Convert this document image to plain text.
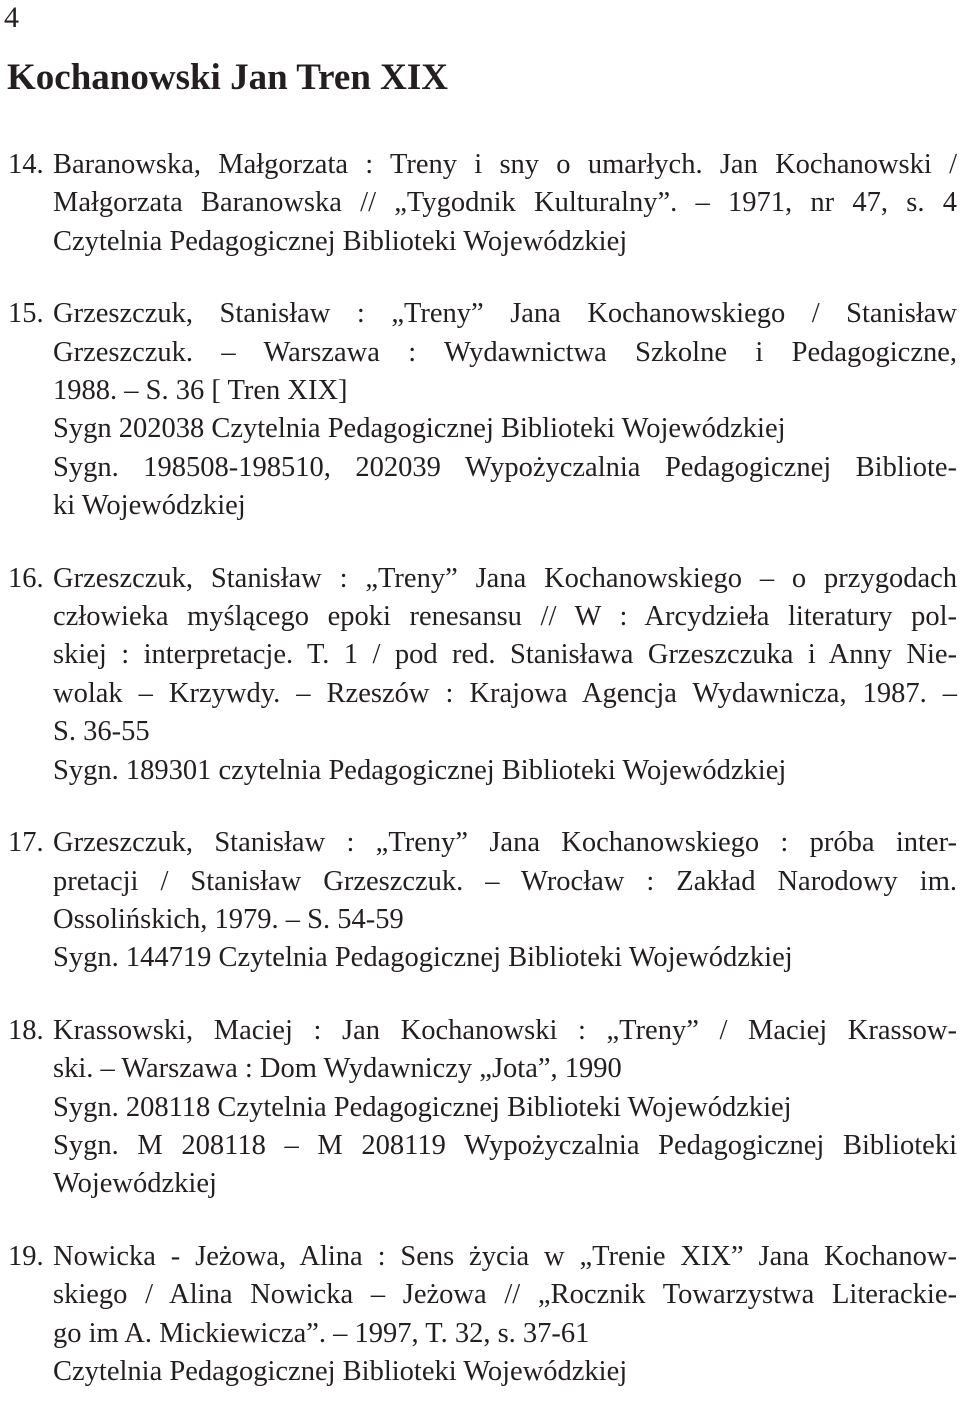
4
Kochanowski Jan Tren XIX
14. Baranowska, Małgorzata : Treny i sny o umarłych. Jan Kochanowski /
Małgorzata Baranowska // „Tygodnik Kulturalny”. – 1971, nr 47, s. 4
Czytelnia Pedagogicznej Biblioteki Wojewódzkiej
15. Grzeszczuk, Stanisław : „Treny” Jana Kochanowskiego / Stanisław
Grzeszczuk. – Warszawa : Wydawnictwa Szkolne i Pedagogiczne,
1988. – S. 36 [ Tren XIX]
Sygn 202038 Czytelnia Pedagogicznej Biblioteki Wojewódzkiej
Sygn. 198508-198510, 202039 Wypożyczalnia Pedagogicznej Bibliote-
ki Wojewódzkiej
16. Grzeszczuk, Stanisław : „Treny” Jana Kochanowskiego – o przygodach
człowieka myślącego epoki renesansu // W : Arcydzieła literatury pol-
skiej : interpretacje. T. 1 / pod red. Stanisława Grzeszczuka i Anny Nie-
wolak – Krzywdy. – Rzeszów : Krajowa Agencja Wydawnicza, 1987. –
S. 36-55
Sygn. 189301 czytelnia Pedagogicznej Biblioteki Wojewódzkiej
17. Grzeszczuk, Stanisław : „Treny” Jana Kochanowskiego : próba inter-
pretacji / Stanisław Grzeszczuk. – Wrocław : Zakład Narodowy im.
Ossolińskich, 1979. – S. 54-59
Sygn. 144719 Czytelnia Pedagogicznej Biblioteki Wojewódzkiej
18. Krassowski, Maciej : Jan Kochanowski : „Treny” / Maciej Krassow-
ski. – Warszawa : Dom Wydawniczy „Jota”, 1990
Sygn. 208118 Czytelnia Pedagogicznej Biblioteki Wojewódzkiej
Sygn. M 208118 – M 208119 Wypożyczalnia Pedagogicznej Biblioteki
Wojewódzkiej
19. Nowicka - Jeżowa, Alina : Sens życia w „Trenie XIX” Jana Kochanow-
skiego / Alina Nowicka – Jeżowa // „Rocznik Towarzystwa Literackie-
go im A. Mickiewicza”. – 1997, T. 32, s. 37-61
Czytelnia Pedagogicznej Biblioteki Wojewódzkiej
